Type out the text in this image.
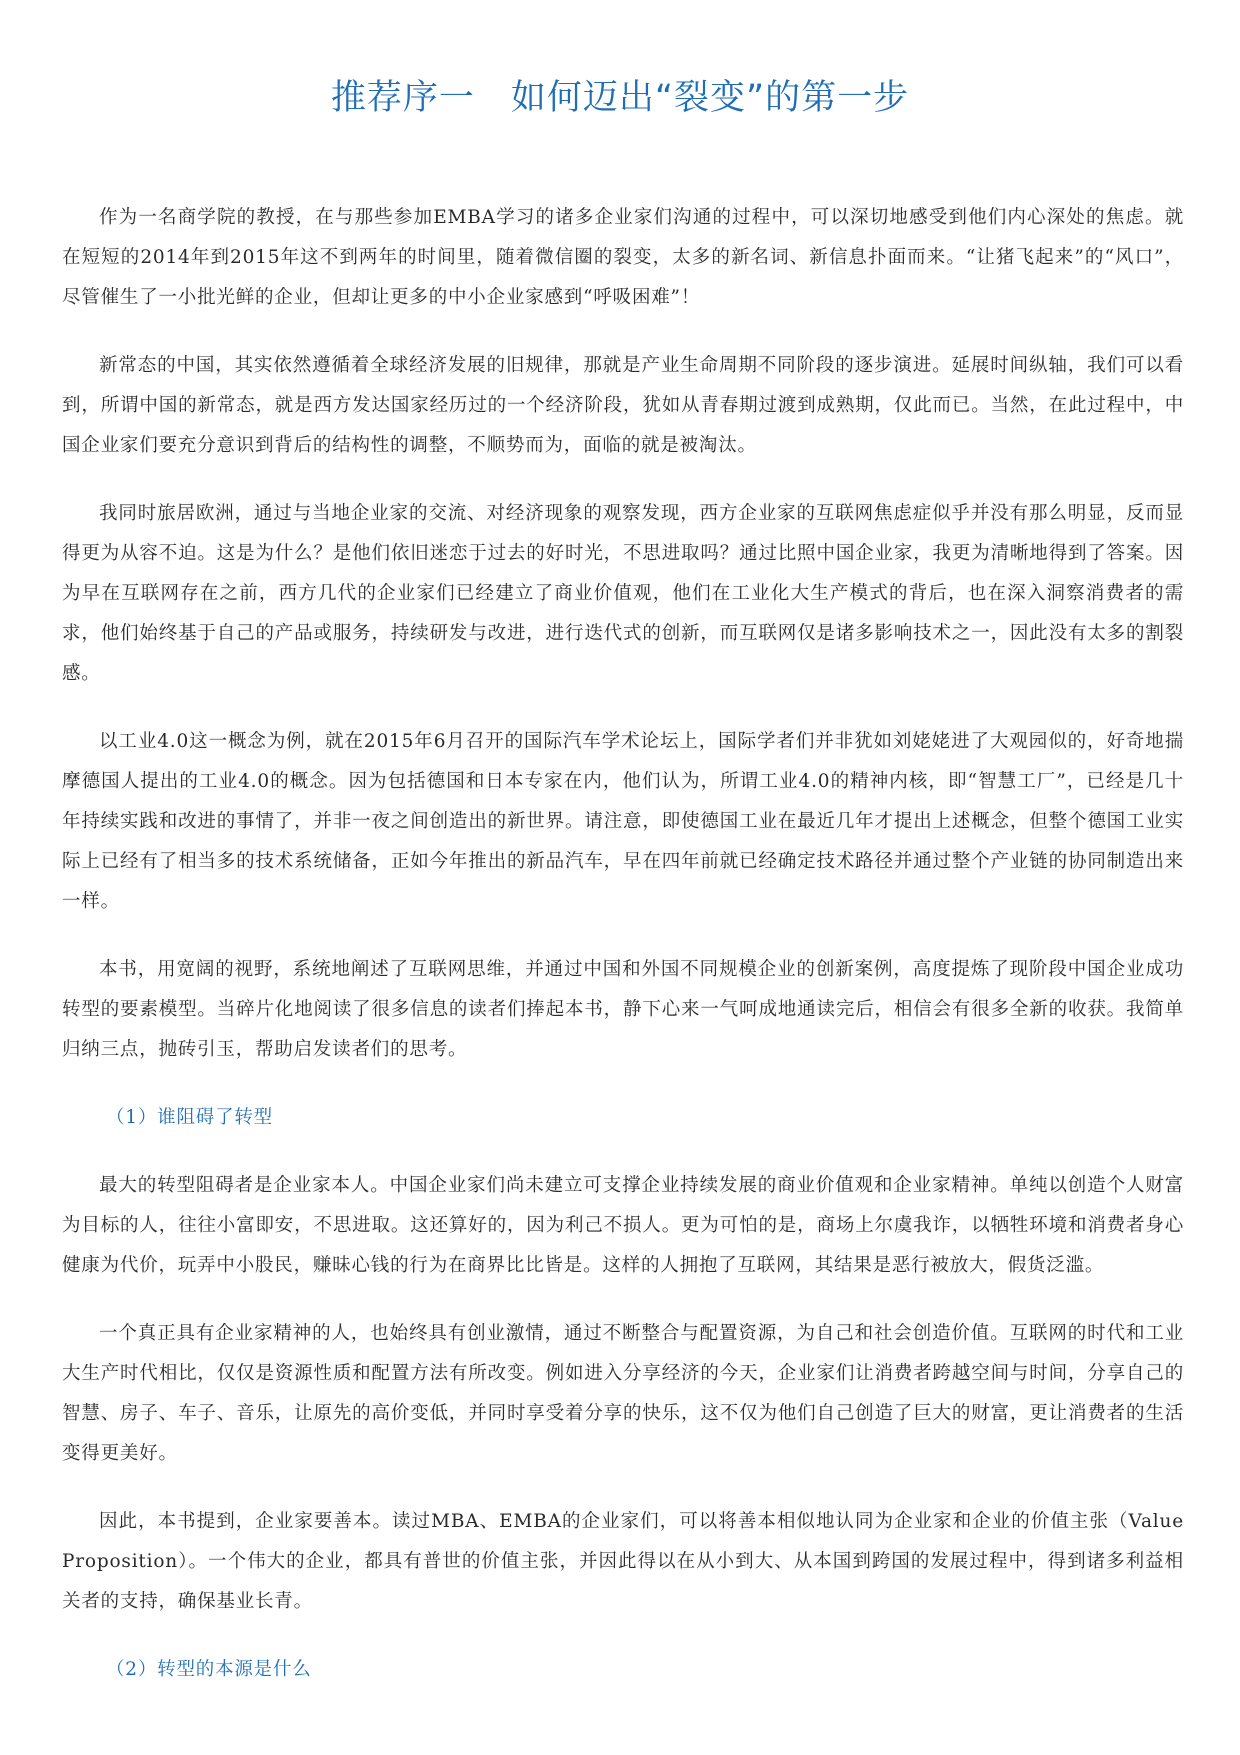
推荐序一　如何迈出“裂变”的第一步

作为一名商学院的教授，在与那些参加EMBA学习的诸多企业家们沟通的过程中，可以深切地感受到他们内心深处的焦虑。就在短短的2014年到2015年这不到两年的时间里，随着微信圈的裂变，太多的新名词、新信息扑面而来。“让猪飞起来”的“风口”，尽管催生了一小批光鲜的企业，但却让更多的中小企业家感到“呼吸困难”！

新常态的中国，其实依然遵循着全球经济发展的旧规律，那就是产业生命周期不同阶段的逐步演进。延展时间纵轴，我们可以看到，所谓中国的新常态，就是西方发达国家经历过的一个经济阶段，犹如从青春期过渡到成熟期，仅此而已。当然，在此过程中，中国企业家们要充分意识到背后的结构性的调整，不顺势而为，面临的就是被淘汰。

我同时旅居欧洲，通过与当地企业家的交流、对经济现象的观察发现，西方企业家的互联网焦虑症似乎并没有那么明显，反而显得更为从容不迫。这是为什么？是他们依旧迷恋于过去的好时光，不思进取吗？通过比照中国企业家，我更为清晰地得到了答案。因为早在互联网存在之前，西方几代的企业家们已经建立了商业价值观，他们在工业化大生产模式的背后，也在深入洞察消费者的需求，他们始终基于自己的产品或服务，持续研发与改进，进行迭代式的创新，而互联网仅是诸多影响技术之一，因此没有太多的割裂感。

以工业4.0这一概念为例，就在2015年6月召开的国际汽车学术论坛上，国际学者们并非犹如刘姥姥进了大观园似的，好奇地揣摩德国人提出的工业4.0的概念。因为包括德国和日本专家在内，他们认为，所谓工业4.0的精神内核，即“智慧工厂”，已经是几十年持续实践和改进的事情了，并非一夜之间创造出的新世界。请注意，即使德国工业在最近几年才提出上述概念，但整个德国工业实际上已经有了相当多的技术系统储备，正如今年推出的新品汽车，早在四年前就已经确定技术路径并通过整个产业链的协同制造出来一样。

本书，用宽阔的视野，系统地阐述了互联网思维，并通过中国和外国不同规模企业的创新案例，高度提炼了现阶段中国企业成功转型的要素模型。当碎片化地阅读了很多信息的读者们捧起本书，静下心来一气呵成地通读完后，相信会有很多全新的收获。我简单归纳三点，抛砖引玉，帮助启发读者们的思考。

（1）谁阻碍了转型

最大的转型阻碍者是企业家本人。中国企业家们尚未建立可支撑企业持续发展的商业价值观和企业家精神。单纯以创造个人财富为目标的人，往往小富即安，不思进取。这还算好的，因为利己不损人。更为可怕的是，商场上尔虞我诈，以牺牲环境和消费者身心健康为代价，玩弄中小股民，赚昧心钱的行为在商界比比皆是。这样的人拥抱了互联网，其结果是恶行被放大，假货泛滥。

一个真正具有企业家精神的人，也始终具有创业激情，通过不断整合与配置资源，为自己和社会创造价值。互联网的时代和工业大生产时代相比，仅仅是资源性质和配置方法有所改变。例如进入分享经济的今天，企业家们让消费者跨越空间与时间，分享自己的智慧、房子、车子、音乐，让原先的高价变低，并同时享受着分享的快乐，这不仅为他们自己创造了巨大的财富，更让消费者的生活变得更美好。

因此，本书提到，企业家要善本。读过MBA、EMBA的企业家们，可以将善本相似地认同为企业家和企业的价值主张（Value Proposition）。一个伟大的企业，都具有普世的价值主张，并因此得以在从小到大、从本国到跨国的发展过程中，得到诸多利益相关者的支持，确保基业长青。

（2）转型的本源是什么
